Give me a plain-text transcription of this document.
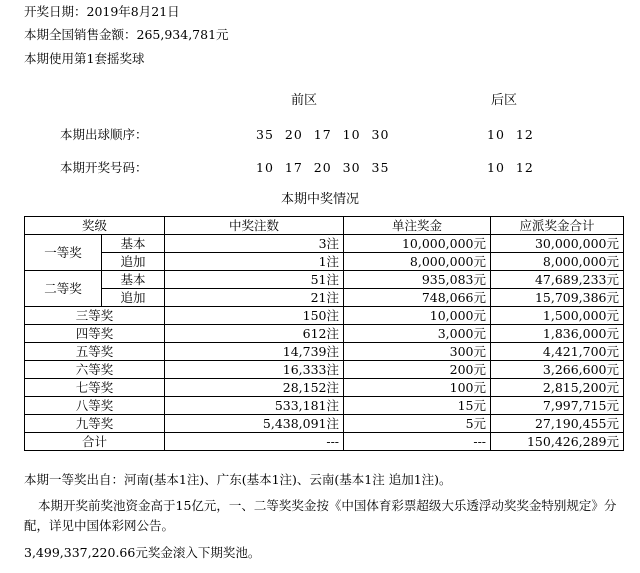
开奖日期：2019年8月21日
本期全国销售金额：265,934,781元
本期使用第1套摇奖球
前区	后区
本期出球顺序：	35 20 17 10 30	10 12
本期开奖号码：	10 17 20 30 35	10 12
本期中奖情况
奖级		中奖注数	单注奖金	应派奖金合计
一等奖	基本	3注	10,000,000元	30,000,000元
	追加	1注	8,000,000元	8,000,000元
二等奖	基本	51注	935,083元	47,689,233元
	追加	21注	748,066元	15,709,386元
三等奖		150注	10,000元	1,500,000元
四等奖		612注	3,000元	1,836,000元
五等奖		14,739注	300元	4,421,700元
六等奖		16,333注	200元	3,266,600元
七等奖		28,152注	100元	2,815,200元
八等奖		533,181注	15元	7,997,715元
九等奖		5,438,091注	5元	27,190,455元
合计		---	---	150,426,289元
本期一等奖出自：河南(基本1注)、广东(基本1注)、云南(基本1注 追加1注)。
本期开奖前奖池资金高于15亿元，一、二等奖奖金按《中国体育彩票超级大乐透浮动奖奖金特别规定》分配，详见中国体彩网公告。
3,499,337,220.66元奖金滚入下期奖池。
